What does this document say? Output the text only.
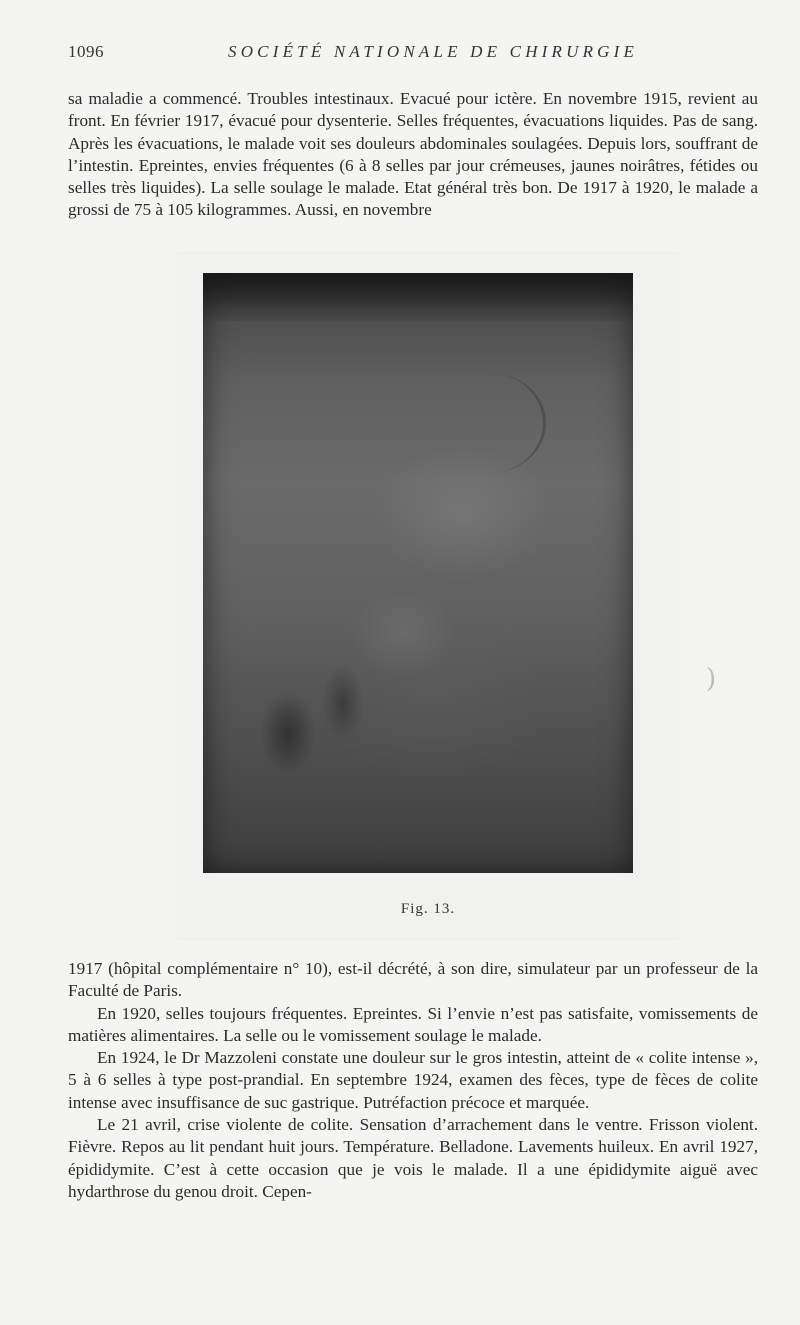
1096	SOCIÉTÉ NATIONALE DE CHIRURGIE

sa maladie a commencé. Troubles intestinaux. Evacué pour ictère. En novembre 1915, revient au front. En février 1917, évacué pour dysenterie. Selles fréquentes, évacuations liquides. Pas de sang. Après les évacuations, le malade voit ses douleurs abdominales soulagées. Depuis lors, souffrant de l’intestin. Epreintes, envies fréquentes (6 à 8 selles par jour crémeuses, jaunes noirâtres, fétides ou selles très liquides). La selle soulage le malade. Etat général très bon. De 1917 à 1920, le malade a grossi de 75 à 105 kilogrammes. Aussi, en novembre

Fig. 13.
)

1917 (hôpital complémentaire n° 10), est-il décrété, à son dire, simulateur par un professeur de la Faculté de Paris.

En 1920, selles toujours fréquentes. Epreintes. Si l’envie n’est pas satisfaite, vomissements de matières alimentaires. La selle ou le vomissement soulage le malade.

En 1924, le Dr Mazzoleni constate une douleur sur le gros intestin, atteint de « colite intense », 5 à 6 selles à type post-prandial. En septembre 1924, examen des fèces, type de fèces de colite intense avec insuffisance de suc gastrique. Putréfaction précoce et marquée.

Le 21 avril, crise violente de colite. Sensation d’arrachement dans le ventre. Frisson violent. Fièvre. Repos au lit pendant huit jours. Température. Belladone. Lavements huileux. En avril 1927, épididymite. C’est à cette occasion que je vois le malade. Il a une épididymite aiguë avec hydarthrose du genou droit. Cepen-
